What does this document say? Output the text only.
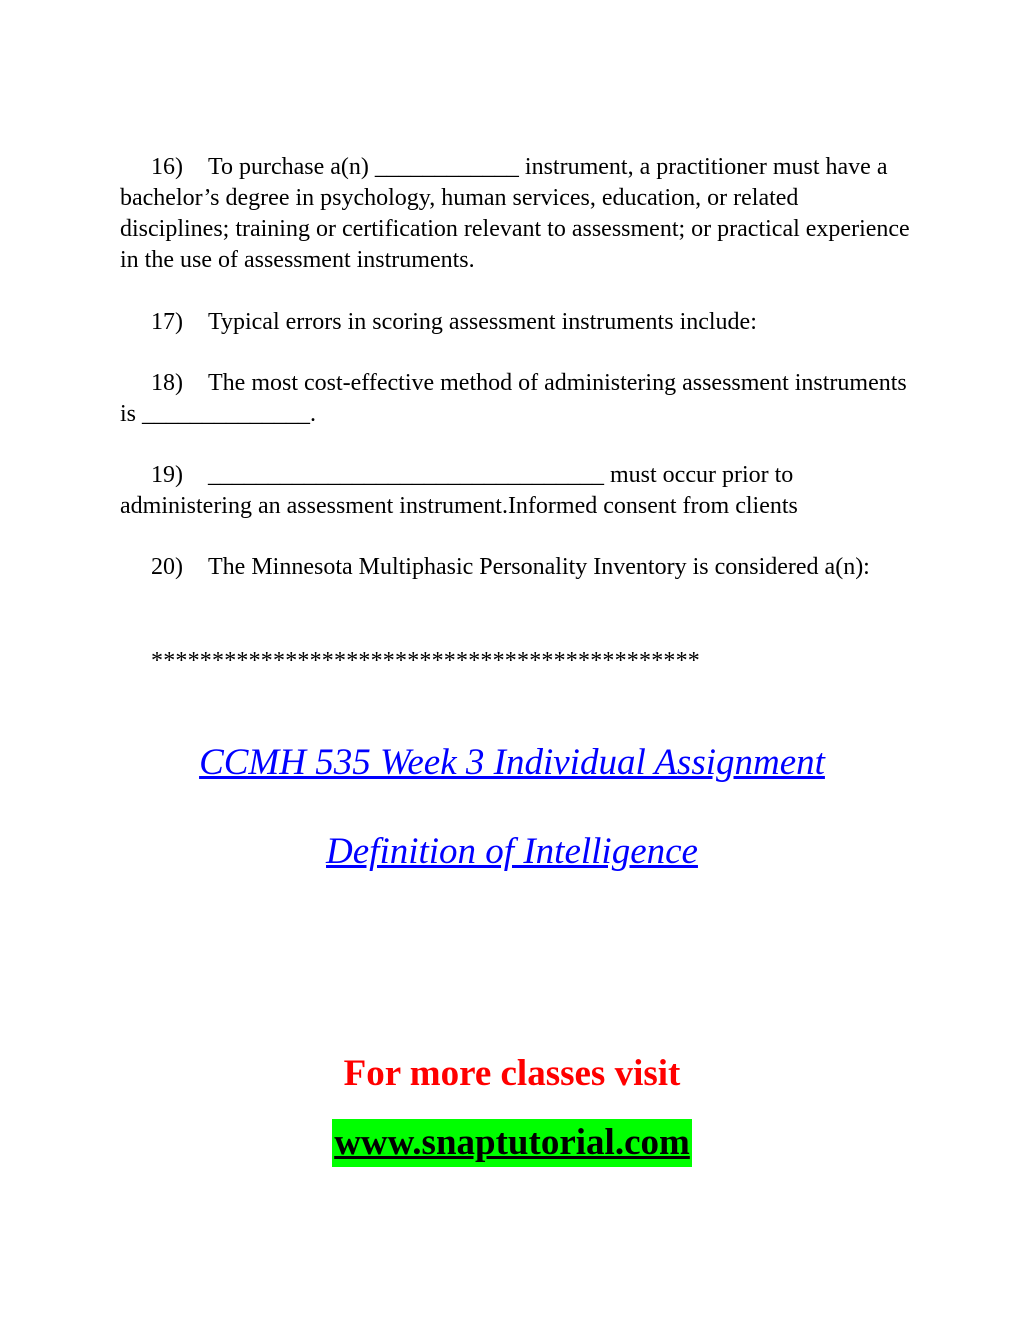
16) To purchase a(n) ____________ instrument, a practitioner must have a bachelor’s degree in psychology, human services, education, or related disciplines; training or certification relevant to assessment; or practical experience in the use of assessment instruments.

17) Typical errors in scoring assessment instruments include:

18) The most cost-effective method of administering assessment instruments is ______________.

19) _________________________________ must occur prior to administering an assessment instrument.Informed consent from clients

20) The Minnesota Multiphasic Personality Inventory is considered a(n):

*********************************************

CCMH 535 Week 3 Individual Assignment

Definition of Intelligence

For more classes visit

www.snaptutorial.com
